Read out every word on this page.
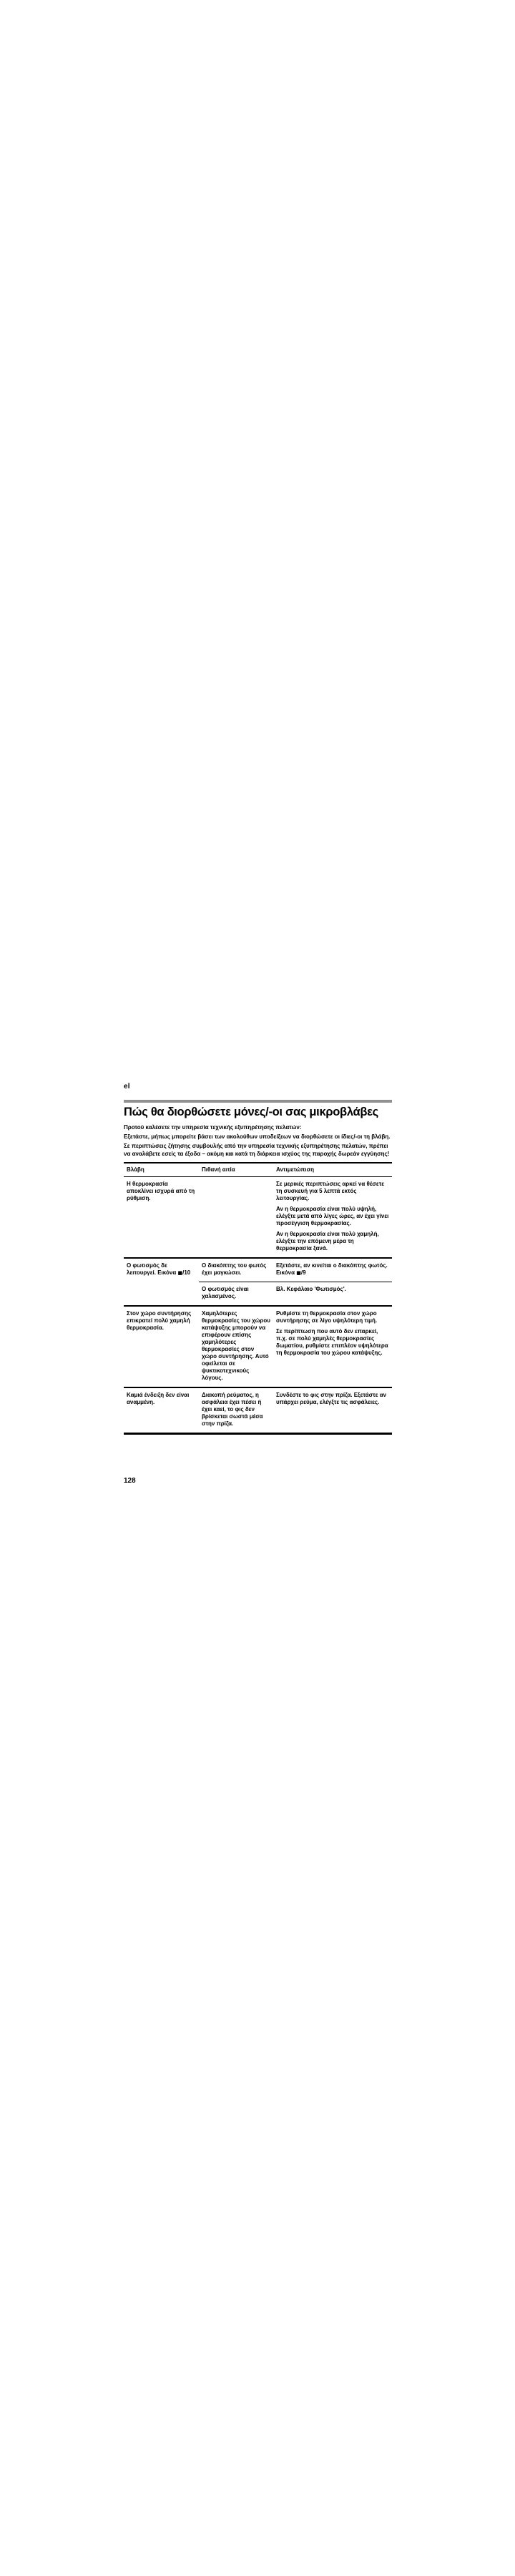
el
Πώς θα διορθώσετε μόνες/-οι σας μικροβλάβες

Προτού καλέσετε την υπηρεσία τεχνικής εξυπηρέτησης πελατών:

Εξετάστε, μήπως μπορείτε βάσει των ακολούθων υποδείξεων να διορθώσετε οι ίδιες/-οι τη βλάβη.

Σε περιπτώσεις ζήτησης συμβουλής από την υπηρεσία τεχνικής εξυπηρέτησης πελατών, πρέπει να αναλάβετε εσείς τα έξοδα – ακόμη και κατά τη διάρκεια ισχύος της παροχής δωρεάν εγγύησης!

Βλάβη	Πιθανή αιτία	Αντιμετώπιση
Η θερμοκρασία αποκλίνει ισχυρά από τη ρύθμιση.

Σε μερικές περιπτώσεις αρκεί να θέσετε τη συσκευή για 5 λεπτά εκτός λειτουργίας.

Αν η θερμοκρασία είναι πολύ υψηλή, ελέγξτε μετά από λίγες ώρες, αν έχει γίνει προσέγγιση θερμοκρασίας.

Αν η θερμοκρασία είναι πολύ χαμηλή, ελέγξτε την επόμενη μέρα τη θερμοκρασία ξανά.

Ο φωτισμός δε λειτουργεί. Εικόνα ■/10
Ο διακόπτης του φωτός έχει μαγκώσει.
Εξετάστε, αν κινείται ο διακόπτης φωτός. Εικόνα ■/9
Ο φωτισμός είναι χαλασμένος.
Βλ. Κεφάλαιο 'Φωτισμός'.
Στον χώρο συντήρησης επικρατεί πολύ χαμηλή θερμοκρασία.
Χαμηλότερες θερμοκρασίες του χώρου κατάψυξης μπορούν να επιφέρουν επίσης χαμηλότερες θερμοκρασίες στον χώρο συντήρησης. Αυτό οφείλεται σε ψυκτικοτεχνικούς λόγους.

Ρυθμίστε τη θερμοκρασία στον χώρο συντήρησης σε λίγο υψηλότερη τιμή.

Σε περίπτωση που αυτό δεν επαρκεί, π.χ. σε πολύ χαμηλές θερμοκρασίες δωματίου, ρυθμίστε επιπλέον υψηλότερα τη θερμοκρασία του χώρου κατάψυξης.

Καμιά ένδειξη δεν είναι αναμμένη.
Διακοπή ρεύματος, η ασφάλεια έχει πέσει ή έχει καεί, το φις δεν βρίσκεται σωστά μέσα στην πρίζα.
Συνδέστε το φις στην πρίζα. Εξετάστε αν υπάρχει ρεύμα, ελέγξτε τις ασφάλειες.
128
